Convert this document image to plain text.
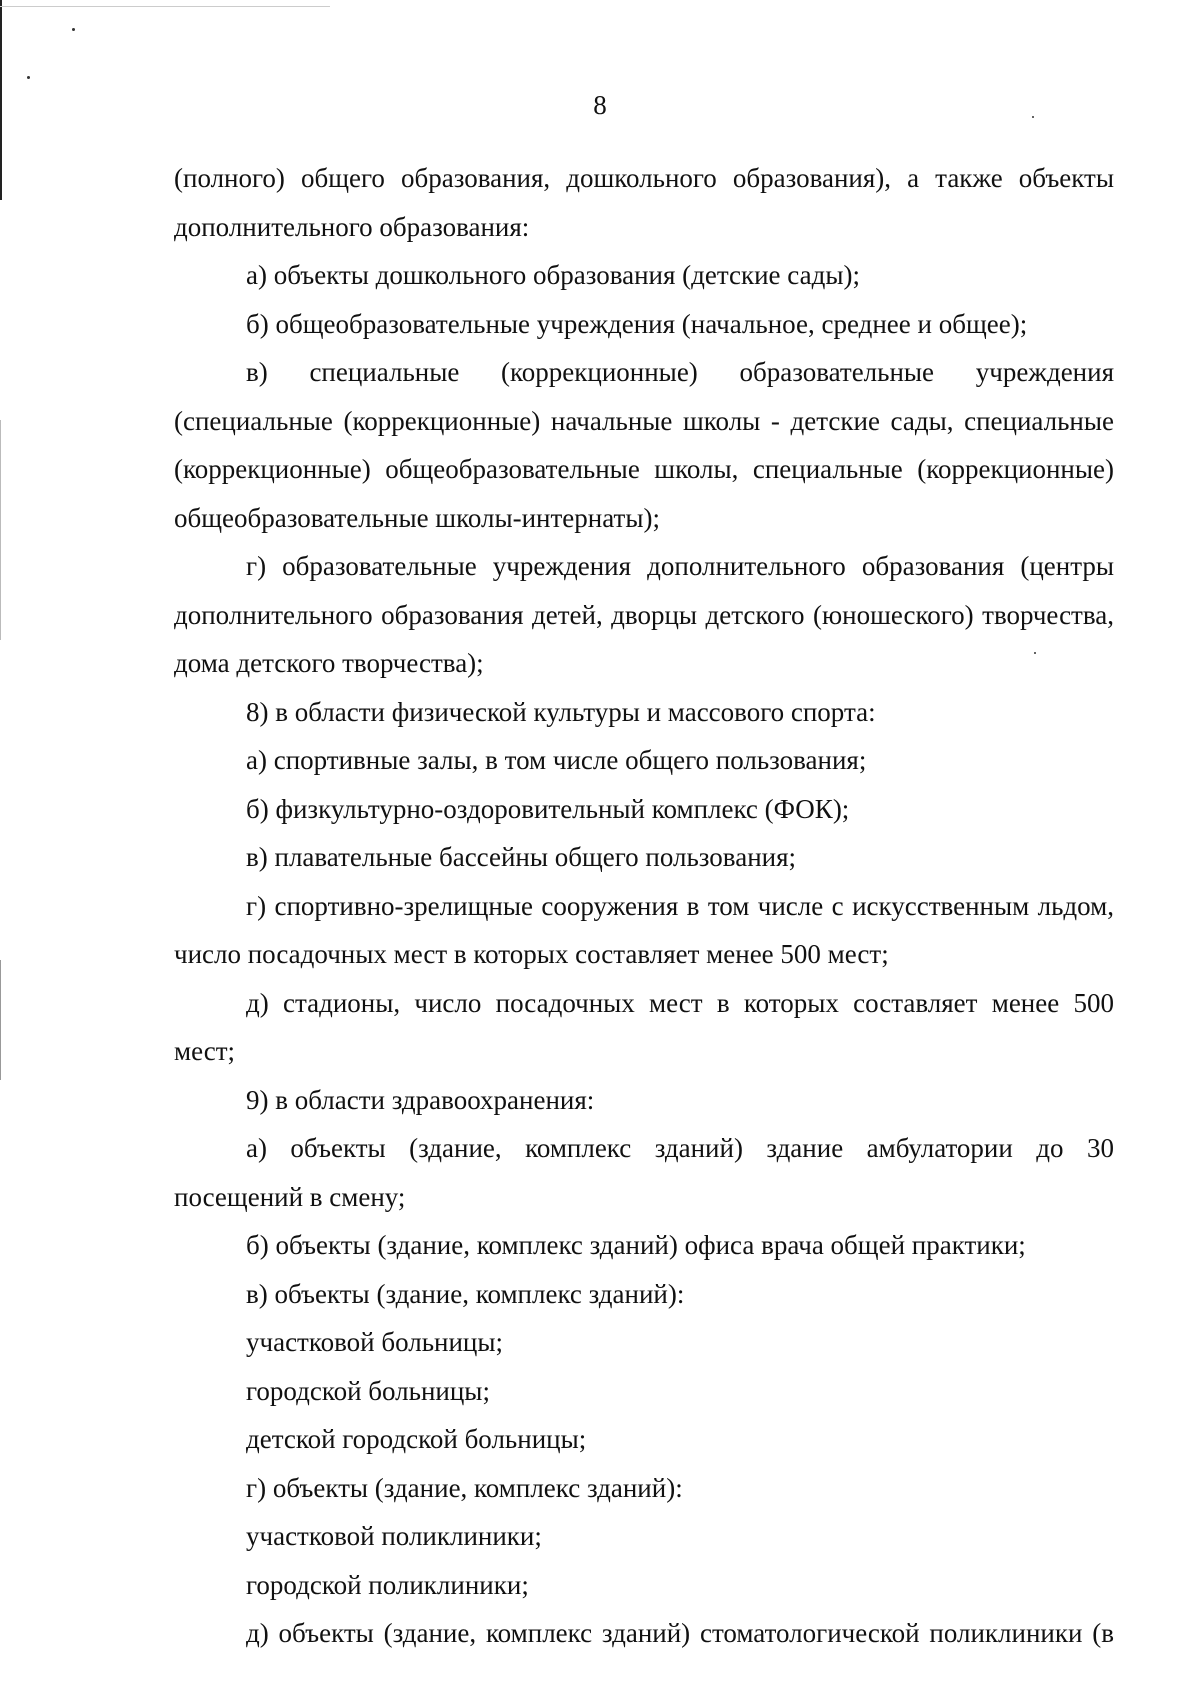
8

(полного) общего образования, дошкольного образования), а также объекты дополнительного образования:

а) объекты дошкольного образования (детские сады);

б) общеобразовательные учреждения (начальное, среднее и общее);

в) специальные (коррекционные) образовательные учреждения (специальные (коррекционные) начальные школы - детские сады, специальные (коррекционные) общеобразовательные школы, специальные (коррекционные) общеобразовательные школы-интернаты);

г) образовательные учреждения дополнительного образования (центры дополнительного образования детей, дворцы детского (юношеского) творчества, дома детского творчества);

8) в области физической культуры и массового спорта:

а) спортивные залы, в том числе общего пользования;

б) физкультурно-оздоровительный комплекс (ФОК);

в) плавательные бассейны общего пользования;

г) спортивно-зрелищные сооружения в том числе с искусственным льдом, число посадочных мест в которых составляет менее 500 мест;

д) стадионы, число посадочных мест в которых составляет менее 500 мест;

9) в области здравоохранения:

а) объекты (здание, комплекс зданий) здание амбулатории до 30 посещений в смену;

б) объекты (здание, комплекс зданий) офиса врача общей практики;

в) объекты (здание, комплекс зданий):

участковой больницы;

городской больницы;

детской городской больницы;

г) объекты (здание, комплекс зданий):

участковой поликлиники;

городской поликлиники;

д) объекты (здание, комплекс зданий) стоматологической поликлиники (в
